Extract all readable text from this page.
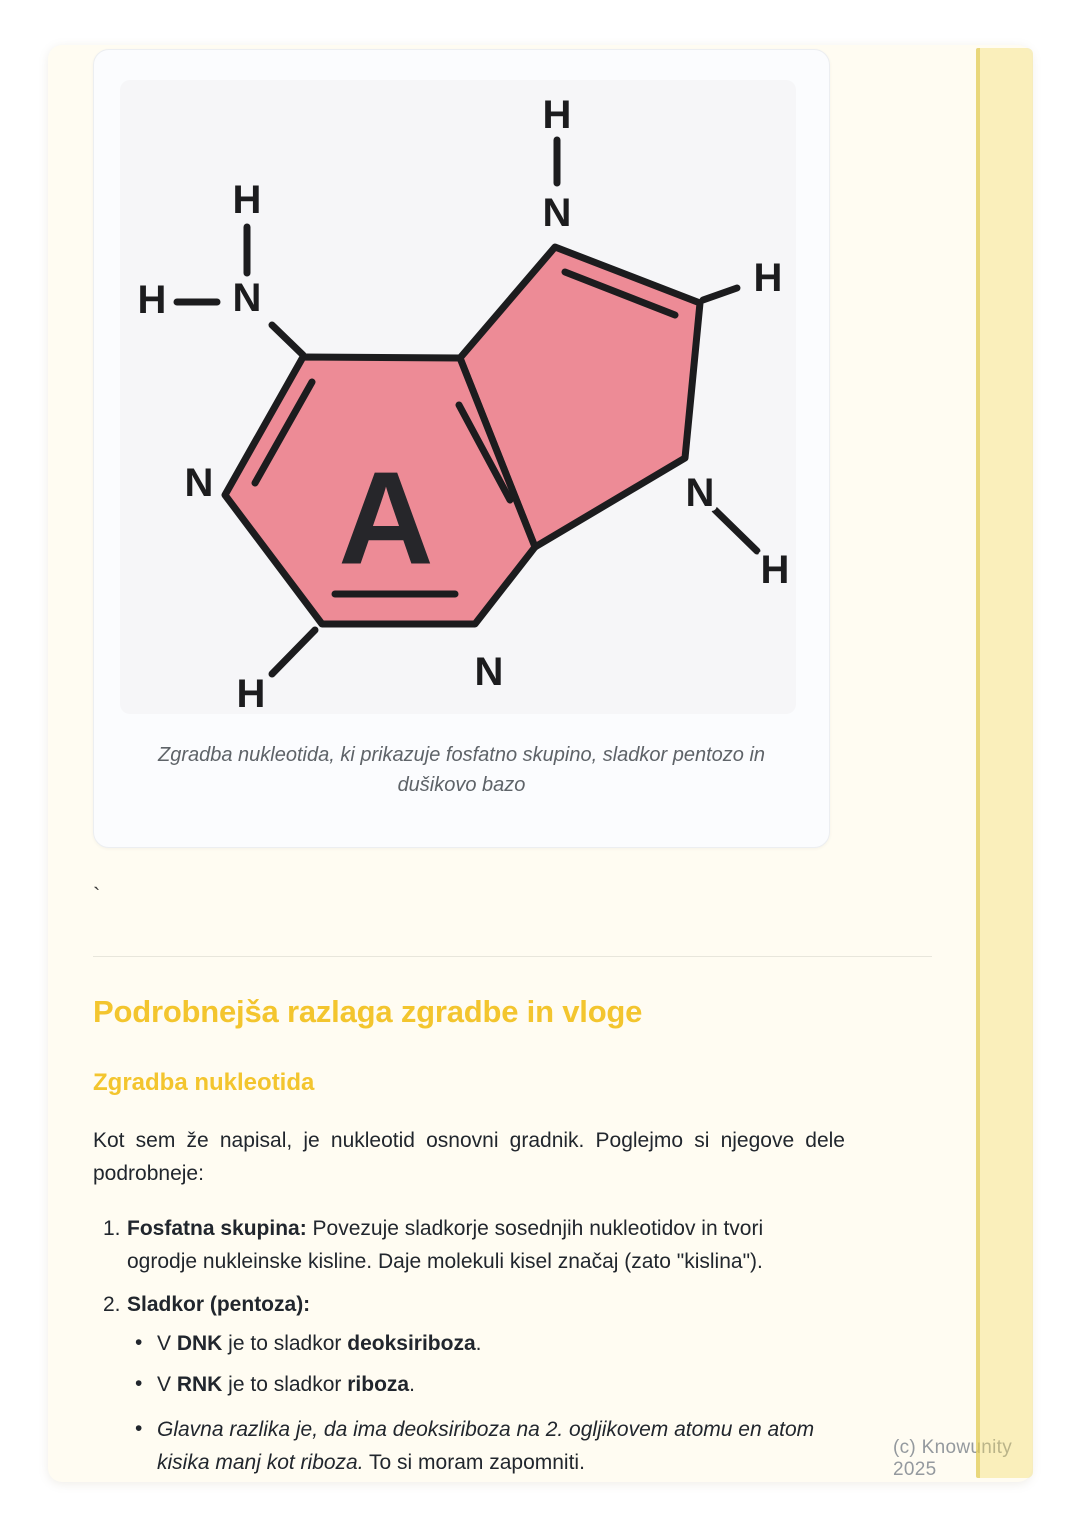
H
N
H
H
N
H
N
H
N
N
H
A
Zgradba nukleotida, ki prikazuje fosfatno skupino, sladkor pentozo in
dušikovo bazo
`
Podrobnejša razlaga zgradbe in vloge
Zgradba nukleotida
Kot sem že napisal, je nukleotid osnovni gradnik. Poglejmo si njegove dele
podrobneje:
1. Fosfatna skupina: Povezuje sladkorje sosednjih nukleotidov in tvori ogrodje nukleinske kisline. Daje molekuli kisel značaj (zato "kislina").
2. Sladkor (pentoza):
• V DNK je to sladkor deoksiriboza.
• V RNK je to sladkor riboza.
• Glavna razlika je, da ima deoksiriboza na 2. ogljikovem atomu en atom kisika manj kot riboza. To si moram zapomniti.
(c) Knowunity 2025
